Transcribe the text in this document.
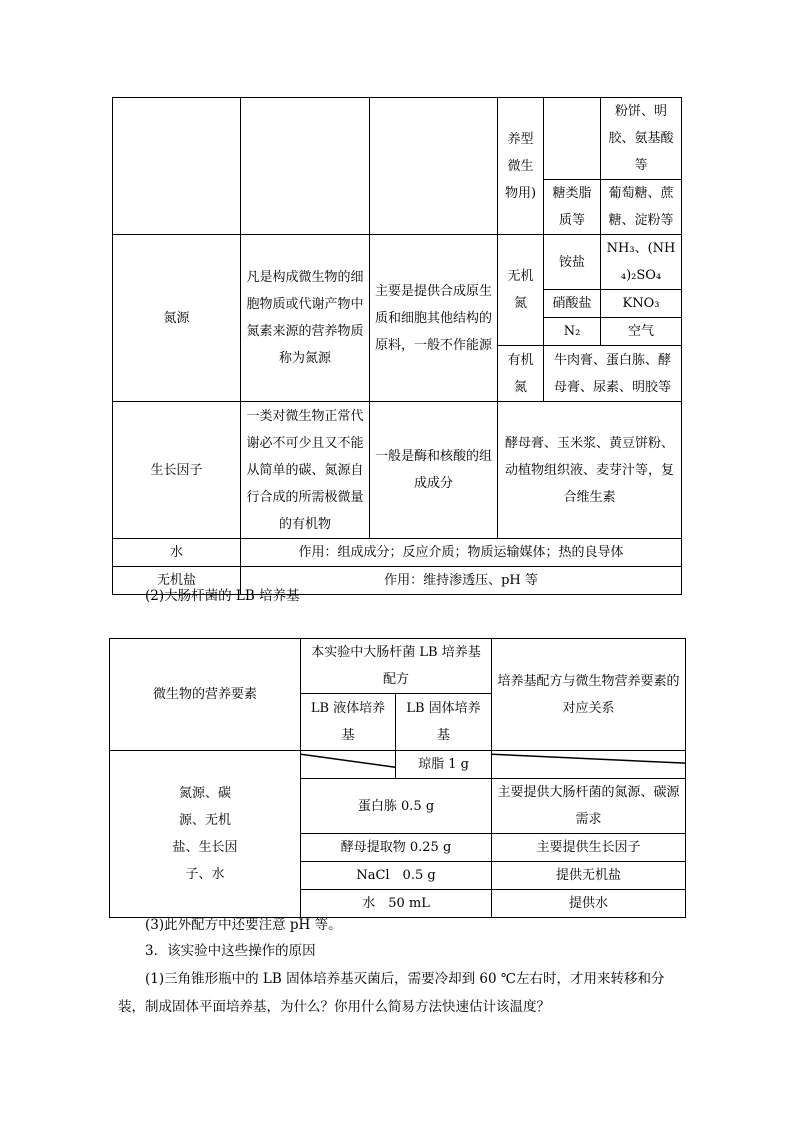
			养型微生物用)		粉饼、明胶、氨基酸等
				糖类脂质等	葡萄糖、蔗糖、淀粉等
氮源	凡是构成微生物的细胞物质或代谢产物中氮素来源的营养物质称为氮源	主要是提供合成原生质和细胞其他结构的原料，一般不作能源	无机氮	铵盐	NH₃、(NH₄)₂SO₄
				硝酸盐	KNO₃
				N₂	空气
			有机氮	牛肉膏、蛋白胨、酵母膏、尿素、明胶等	
生长因子	一类对微生物正常代谢必不可少且又不能从简单的碳、氮源自行合成的所需极微量的有机物	一般是酶和核酸的组成成分	酵母膏、玉米浆、黄豆饼粉、动植物组织液、麦芽汁等，复合维生素		
水	作用：组成成分；反应介质；物质运输媒体；热的良导体				
无机盐	作用：维持渗透压、pH 等				
(2)大肠杆菌的 LB 培养基
微生物的营养要素	本实验中大肠杆菌 LB 培养基配方		培养基配方与微生物营养要素的对应关系
	LB 液体培养基	LB 固体培养基	
氮源、碳源、无机盐、生长因子、水		琼脂 1 g	

	蛋白胨 0.5 g		主要提供大肠杆菌的氮源、碳源需求
	酵母提取物 0.25 g		主要提供生长因子
	NaCl　0.5 g		提供无机盐
	水　50 mL		提供水
(3)此外配方中还要注意 pH 等。
3．该实验中这些操作的原因
(1)三角锥形瓶中的 LB 固体培养基灭菌后，需要冷却到 60 ℃左右时，才用来转移和分
装，制成固体平面培养基，为什么？你用什么简易方法快速估计该温度？
